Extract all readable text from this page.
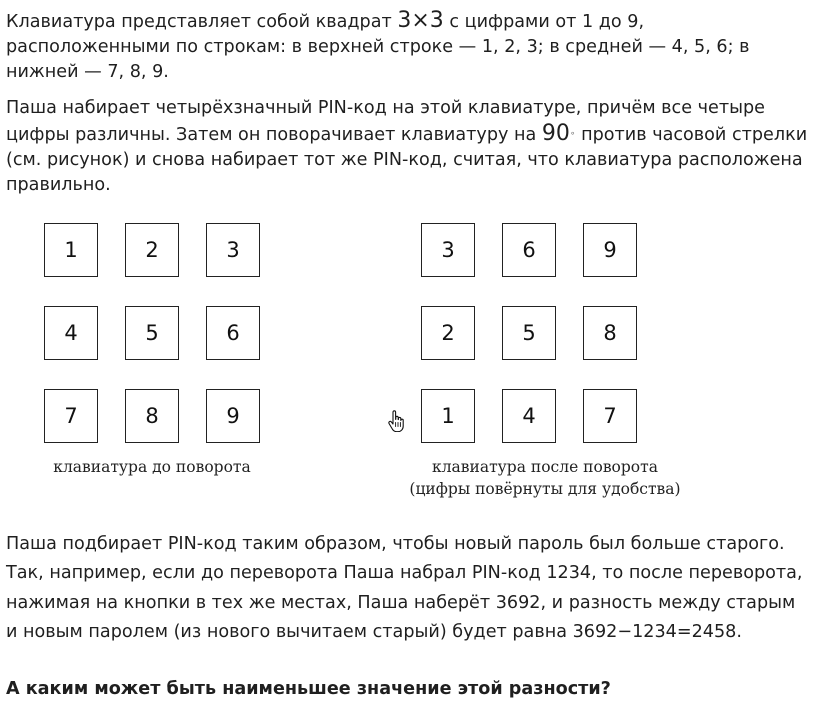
Клавиатура представляет собой квадрат 3×3 с цифрами от 1 до 9, расположенными по строкам: в верхней строке — 1, 2, 3; в средней — 4, 5, 6; в нижней — 7, 8, 9.

Паша набирает четырёхзначный PIN-код на этой клавиатуре, причём все четыре цифры различны. Затем он поворачивает клавиатуру на 90∘ против часовой стрелки (см. рисунок) и снова набирает тот же PIN-код, считая, что клавиатура расположена правильно.

1	2	3
4	5	6
7	8	9
клавиатура до поворота
3	6	9
2	5	8
1	4	7
клавиатура после поворота
(цифры повёрнуты для удобства)

Паша подбирает PIN-код таким образом, чтобы новый пароль был больше старого. Так, например, если до переворота Паша набрал PIN-код 1234, то после переворота, нажимая на кнопки в тех же местах, Паша наберёт 3692, и разность между старым и новым паролем (из нового вычитаем старый) будет равна 3692−1234=2458.

А каким может быть наименьшее значение этой разности?
